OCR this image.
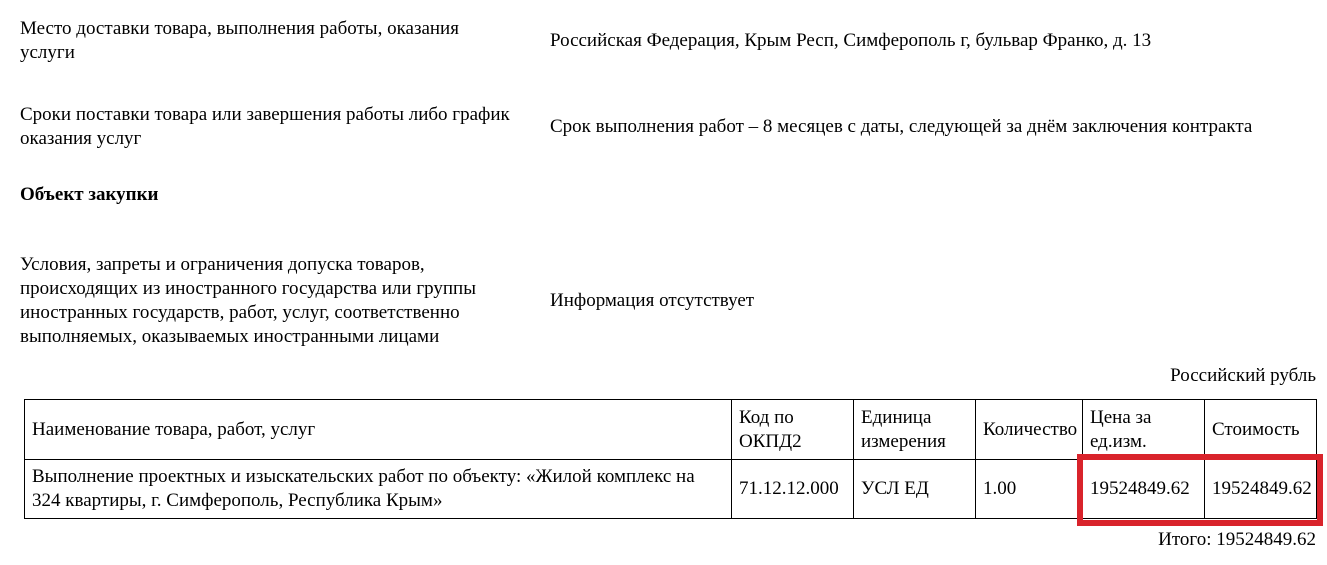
Место доставки товара, выполнения работы, оказания услуги
Российская Федерация, Крым Респ, Симферополь г, бульвар Франко, д. 13
Сроки поставки товара или завершения работы либо график оказания услуг
Срок выполнения работ – 8 месяцев с даты, следующей за днём заключения контракта
Объект закупки
Условия, запреты и ограничения допуска товаров, происходящих из иностранного государства или группы иностранных государств, работ, услуг, соответственно выполняемых, оказываемых иностранными лицами
Информация отсутствует
Российский рубль
Наименование товара, работ, услуг	Код по ОКПД2	Единица измерения	Количество	Цена за ед.изм.	Стоимость
Выполнение проектных и изыскательских работ по объекту: «Жилой комплекс на 324 квартиры, г. Симферополь, Республика Крым»	71.12.12.000	УСЛ ЕД	1.00	19524849.62	19524849.62
Итого: 19524849.62
